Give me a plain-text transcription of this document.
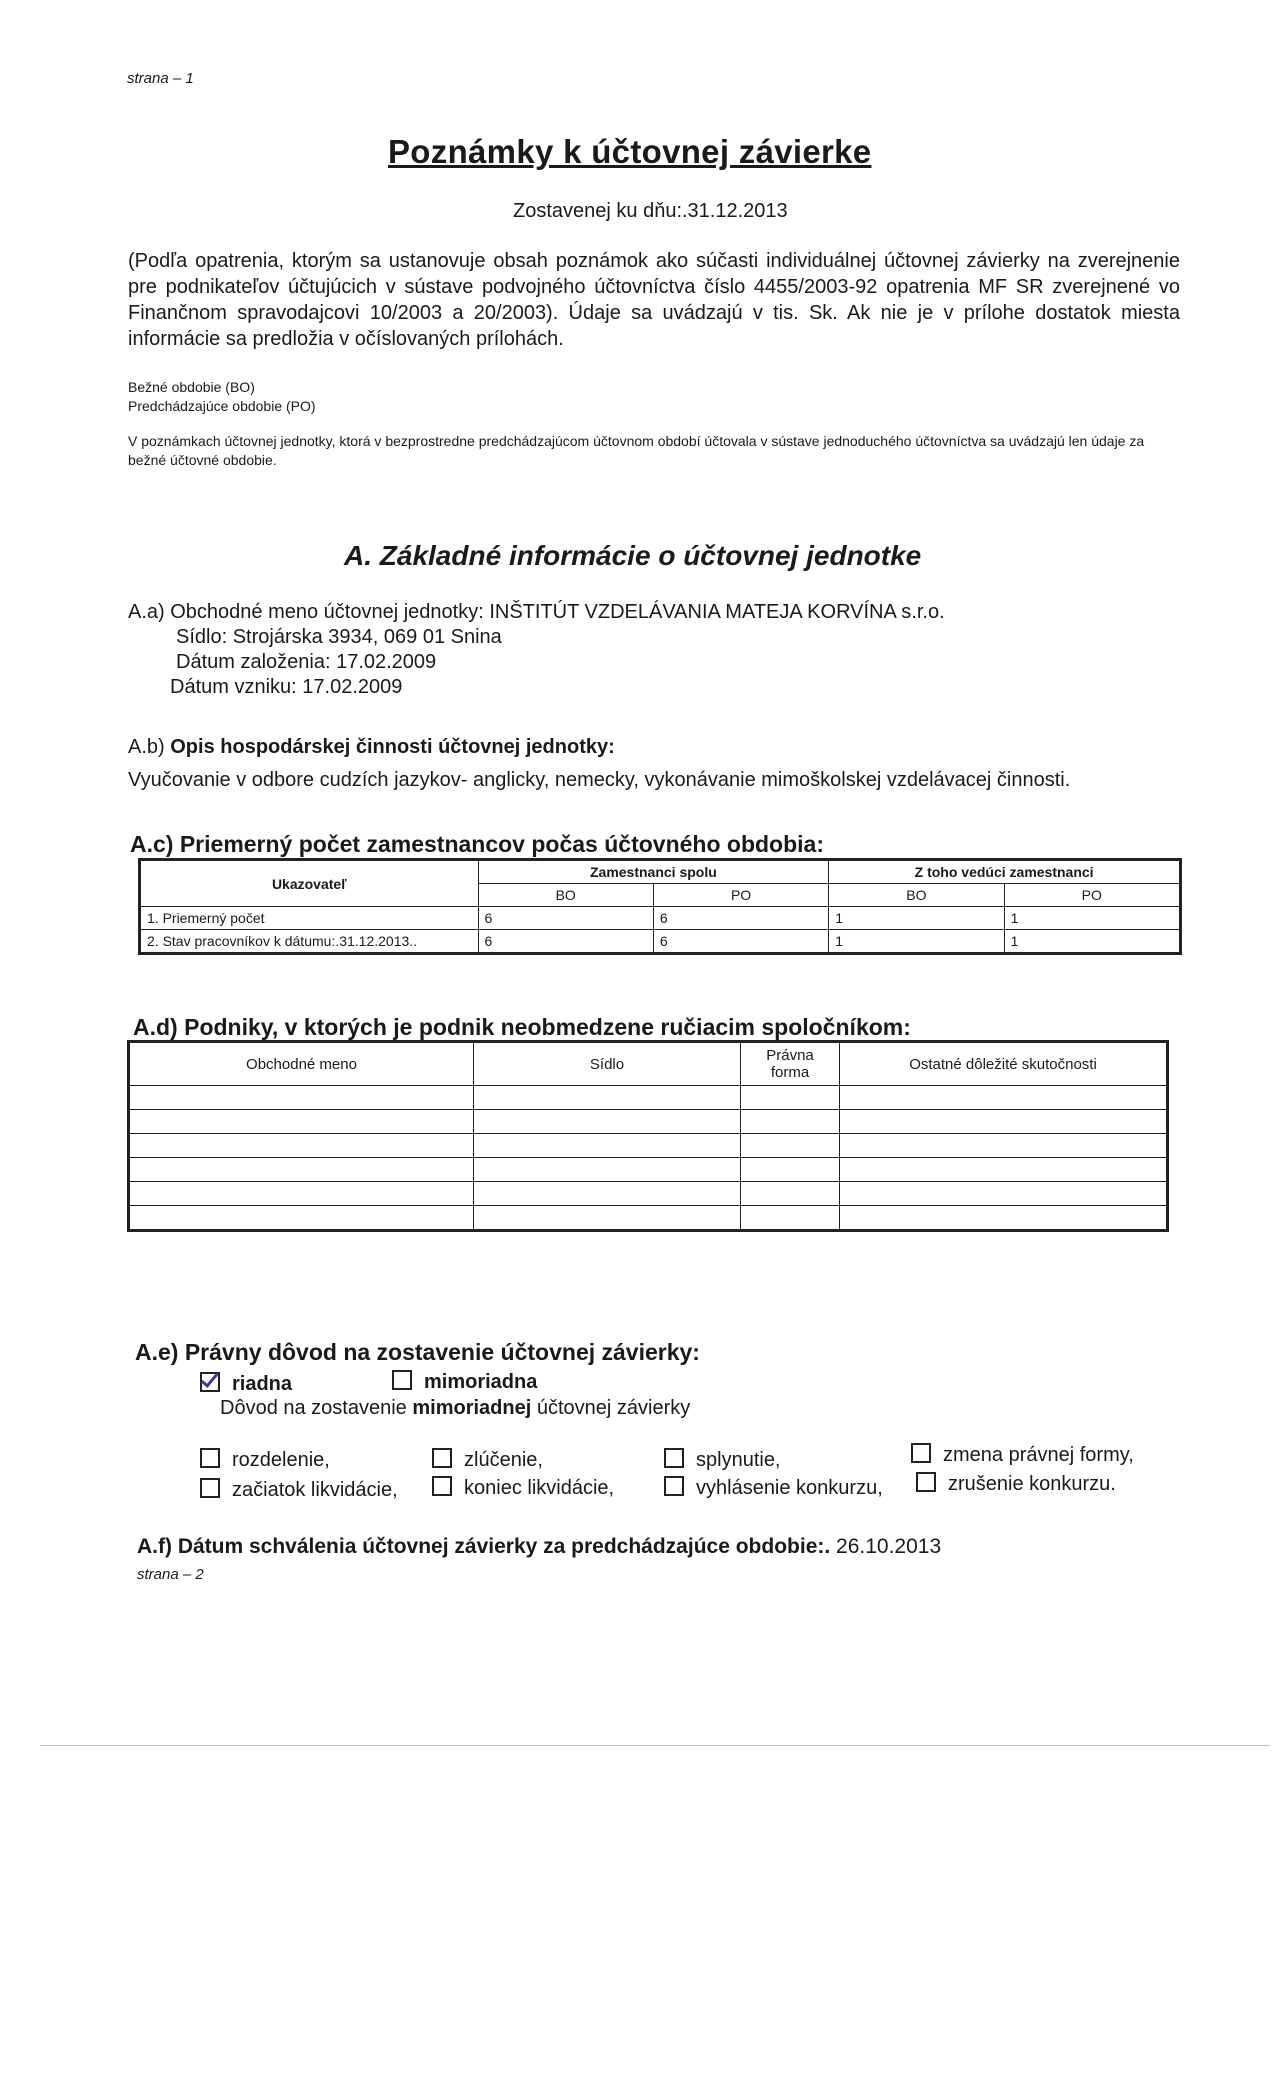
strana – 1
Poznámky k účtovnej závierke
Zostavenej ku dňu:.31.12.2013
(Podľa opatrenia, ktorým sa ustanovuje obsah poznámok ako súčasti individuálnej účtovnej závierky na zverejnenie pre podnikateľov účtujúcich v sústave podvojného účtovníctva číslo 4455/2003-92 opatrenia MF SR zverejnené vo Finančnom spravodajcovi 10/2003 a 20/2003). Údaje sa uvádzajú v tis. Sk. Ak nie je v prílohe dostatok miesta informácie sa predložia v očíslovaných prílohách.
Bežné obdobie (BO)
Predchádzajúce obdobie (PO)
V poznámkach účtovnej jednotky, ktorá v bezprostredne predchádzajúcom účtovnom období účtovala v sústave jednoduchého účtovníctva sa uvádzajú len údaje za bežné účtovné obdobie.
A. Základné informácie o účtovnej jednotke
A.a) Obchodné meno účtovnej jednotky: INŠTITÚT VZDELÁVANIA MATEJA KORVÍNA s.r.o.
Sídlo: Strojárska 3934, 069 01 Snina
Dátum založenia: 17.02.2009
Dátum vzniku: 17.02.2009
A.b) Opis hospodárskej činnosti účtovnej jednotky:
Vyučovanie v odbore cudzích jazykov- anglicky, nemecky, vykonávanie mimoškolskej vzdelávacej činnosti.
A.c) Priemerný počet zamestnancov počas účtovného obdobia:
Ukazovateľ	Zamestnanci spolu		Z toho vedúci zamestnanci	
	BO	PO	BO	PO
1. Priemerný počet	6	6	1	1
2. Stav pracovníkov k dátumu:.31.12.2013..	6	6	1	1
A.d) Podniky, v ktorých je podnik neobmedzene ručiacim spoločníkom:
Obchodné meno	Sídlo	Právna forma	Ostatné dôležité skutočnosti

A.e) Právny dôvod na zostavenie účtovnej závierky:
riadna	mimoriadna
Dôvod na zostavenie mimoriadnej účtovnej závierky
rozdelenie,	zlúčenie,	splynutie,	zmena právnej formy,
začiatok likvidácie,	koniec likvidácie,	vyhlásenie konkurzu,	zrušenie konkurzu.
A.f) Dátum schválenia účtovnej závierky za predchádzajúce obdobie:. 26.10.2013
strana – 2
